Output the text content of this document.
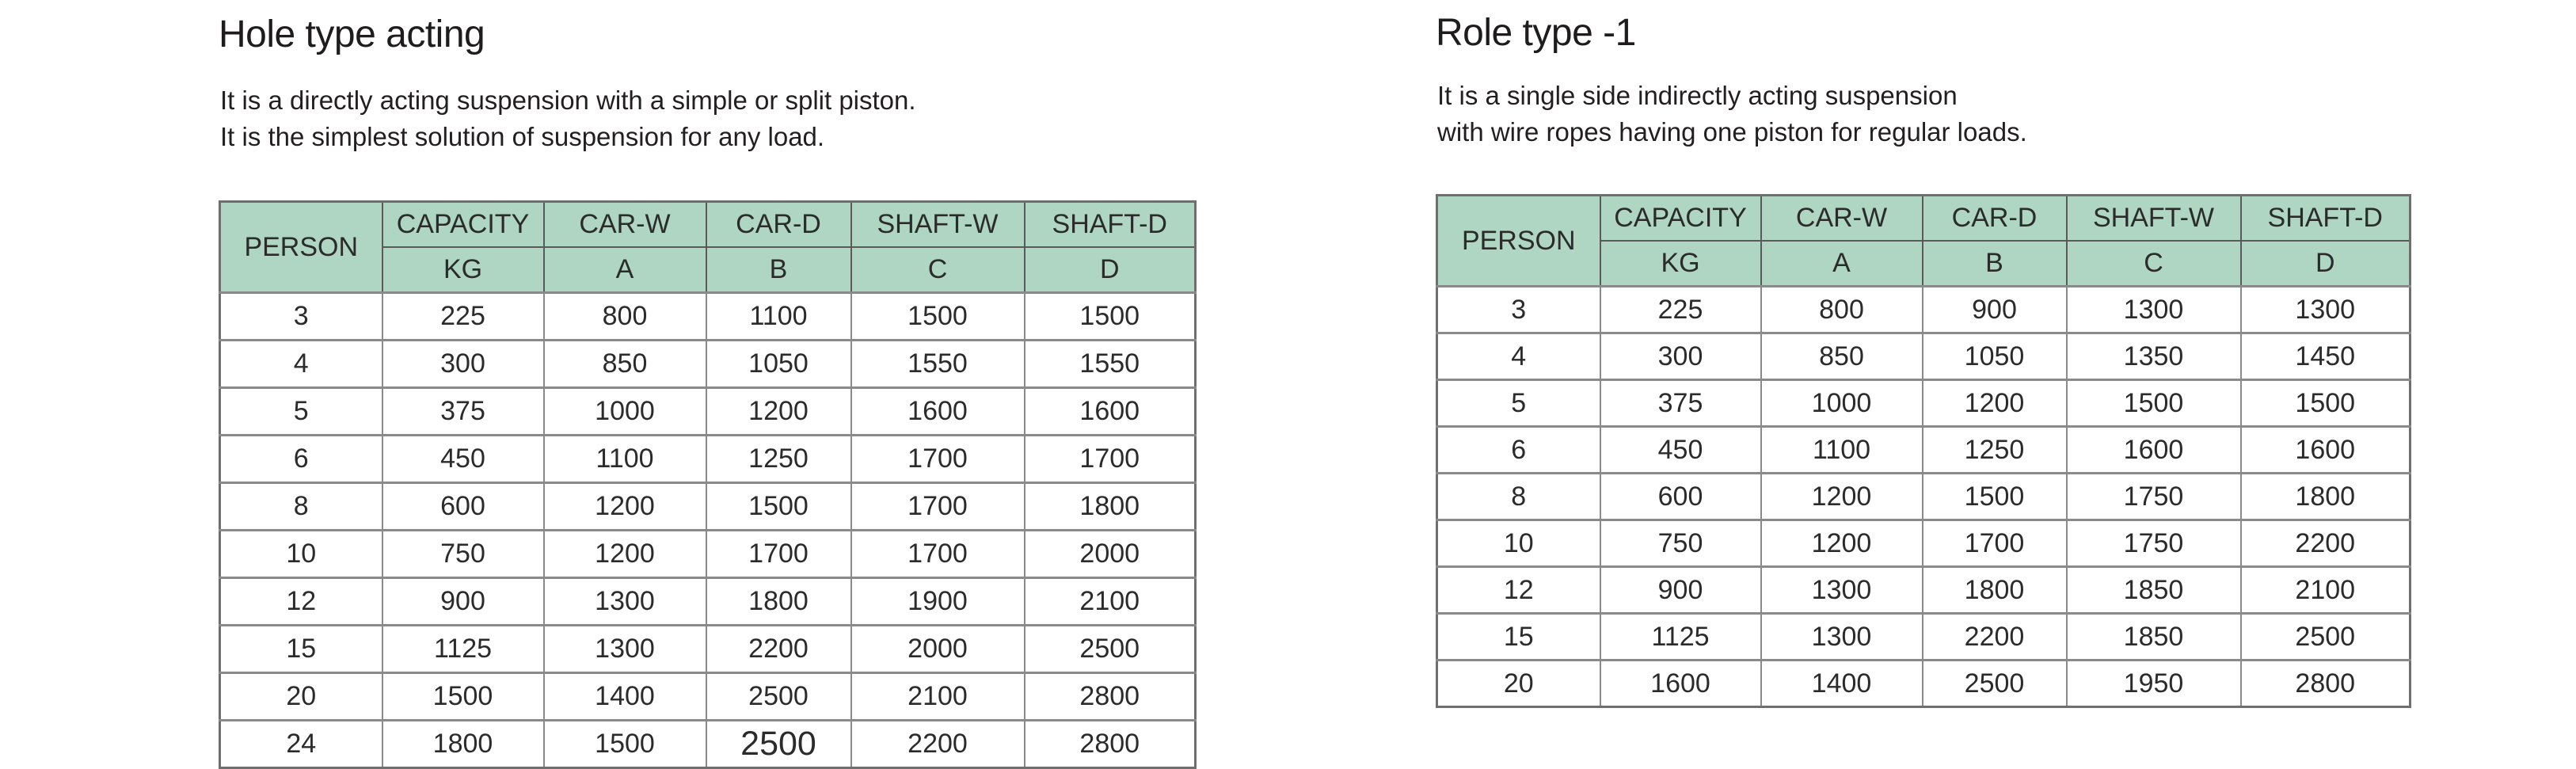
Hole type acting

It is a directly acting suspension with a simple or split piston.
It is the simplest solution of suspension for any load.

PERSON	CAPACITY	CAR-W	CAR-D	SHAFT-W	SHAFT-D
	KG	A	B	C	D
3	225	800	1100	1500	1500
4	300	850	1050	1550	1550
5	375	1000	1200	1600	1600
6	450	1100	1250	1700	1700
8	600	1200	1500	1700	1800
10	750	1200	1700	1700	2000
12	900	1300	1800	1900	2100
15	1125	1300	2200	2000	2500
20	1500	1400	2500	2100	2800
24	1800	1500	2500	2200	2800
Role type -1

It is a single side indirectly acting suspension
with wire ropes having one piston for regular loads.

PERSON	CAPACITY	CAR-W	CAR-D	SHAFT-W	SHAFT-D
	KG	A	B	C	D
3	225	800	900	1300	1300
4	300	850	1050	1350	1450
5	375	1000	1200	1500	1500
6	450	1100	1250	1600	1600
8	600	1200	1500	1750	1800
10	750	1200	1700	1750	2200
12	900	1300	1800	1850	2100
15	1125	1300	2200	1850	2500
20	1600	1400	2500	1950	2800
